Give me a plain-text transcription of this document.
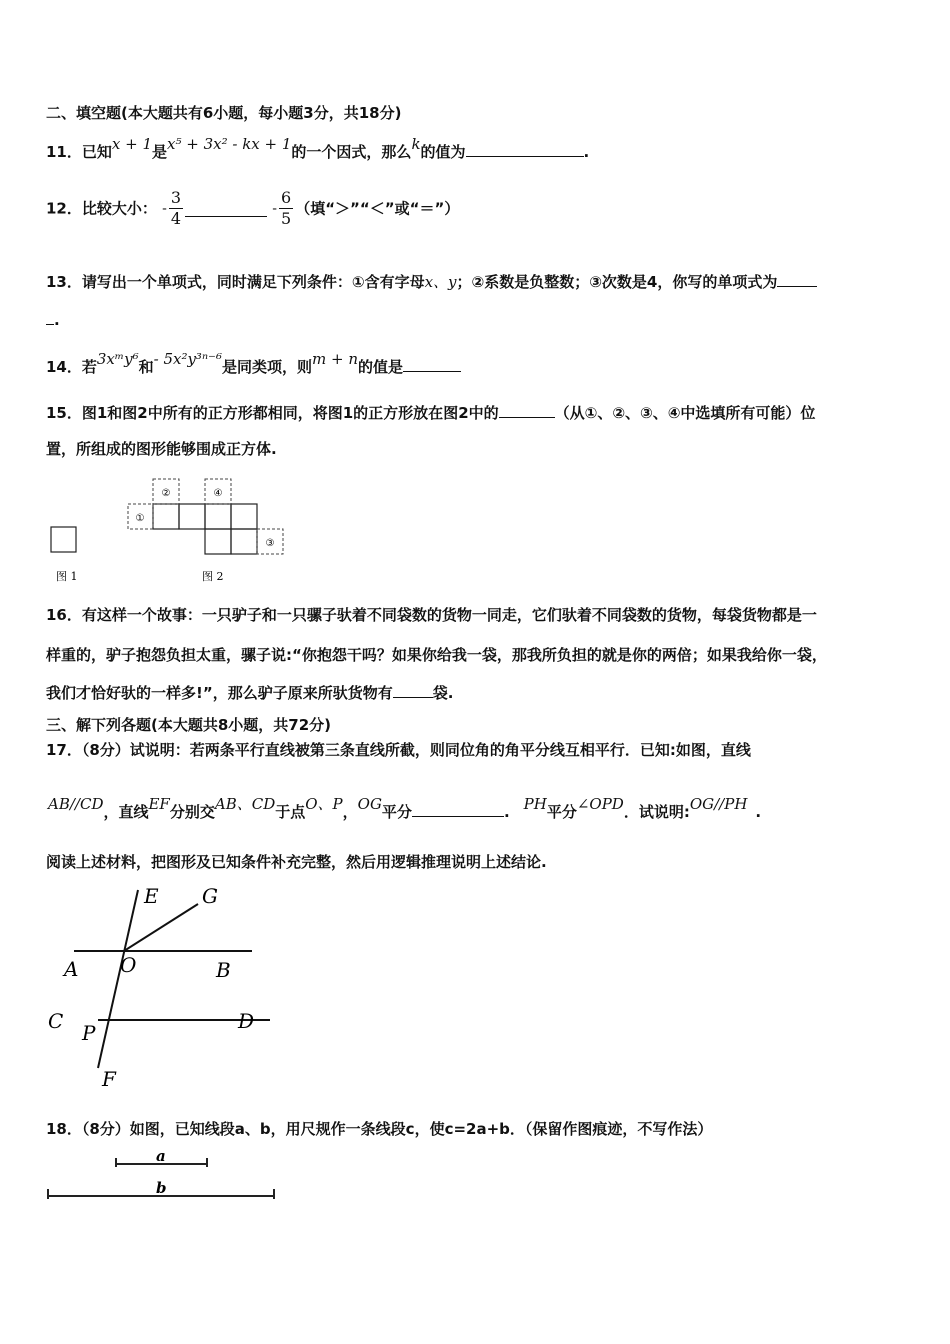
二、填空题(本大题共有6小题，每小题3分，共18分)
11．已知x + 1是x⁵ + 3x² - kx + 1的一个因式，那么k的值为	.
12．比较大小： - $\frac{3}{4}$	- $\frac{6}{5}$ （填“＞”“＜”或“＝”）
13．请写出一个单项式，同时满足下列条件：①含有字母x、y；②系数是负整数；③次数是4，你写的单项式为
.
14．若3xᵐy⁶和- 5x²y³ⁿ⁻⁶是同类项，则m + n的值是
15．图1和图2中所有的正方形都相同，将图1的正方形放在图2中的	（从①、②、③、④中选填所有可能）位
置，所组成的图形能够围成正方体.
①
②
③
④
图 1	图 2
16．有这样一个故事：一只驴子和一只骡子驮着不同袋数的货物一同走，它们驮着不同袋数的货物，每袋货物都是一
样重的，驴子抱怨负担太重，骡子说:“你抱怨干吗？如果你给我一袋，那我所负担的就是你的两倍；如果我给你一袋，
我们才恰好驮的一样多!”，那么驴子原来所驮货物有	袋.
三、解下列各题(本大题共8小题，共72分)
17．（8分）试说明：若两条平行直线被第三条直线所截，则同位角的角平分线互相平行．已知:如图，直线
AB//CD，直线EF分别交AB、CD于点O、P，OG平分	. PH平分∠OPD．试说明:OG//PH .
阅读上述材料，把图形及已知条件补充完整，然后用逻辑推理说明上述结论.
E G
A O	B
C P	D
F
18．（8分）如图，已知线段a、b，用尺规作一条线段c，使c=2a+b．（保留作图痕迹，不写作法）
a
b
